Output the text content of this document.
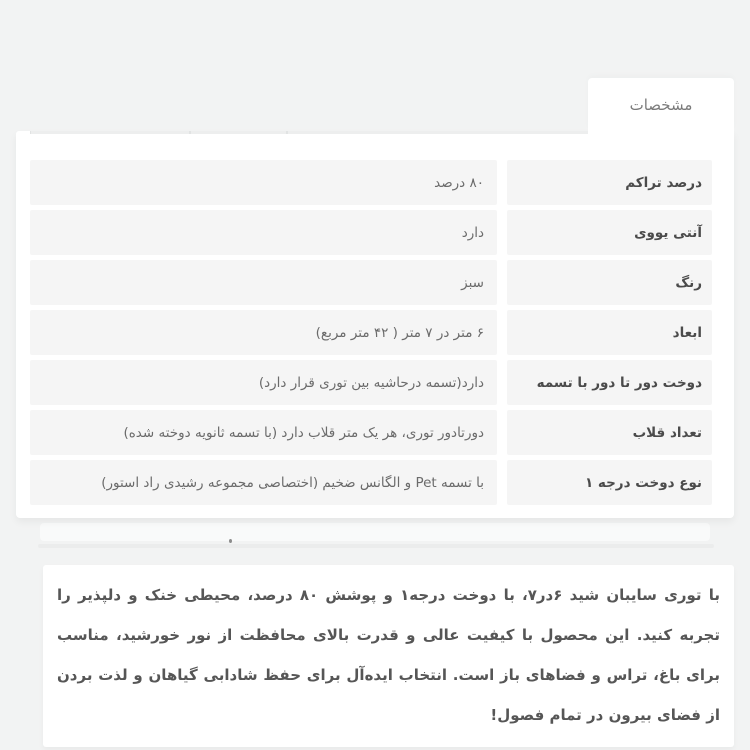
مشخصات
درصد تراکم
۸۰ درصد
آنتی یووی
دارد
رنگ
سبز
ابعاد
۶ متر در ۷ متر ( ۴۲ متر مربع)
دوخت دور تا دور با تسمه
دارد(تسمه درحاشیه بین توری قرار دارد)
تعداد قلاب
دورتادور توری، هر یک متر قلاب دارد (با تسمه ثانویه دوخته شده)
نوع دوخت درجه ۱
با تسمه Pet و الگانس ضخیم (اختصاصی مجموعه رشیدی راد استور)

با توری سایبان شید ۶در۷، با دوخت درجه۱ و پوشش ۸۰ درصد، محیطی خنک و دلپذیر را تجربه کنید. این محصول با کیفیت عالی و قدرت بالای محافظت از نور خورشید، مناسب برای باغ، تراس و فضاهای باز است. انتخاب ایده‌آل برای حفظ شادابی گیاهان و لذت بردن از فضای بیرون در تمام فصول!
